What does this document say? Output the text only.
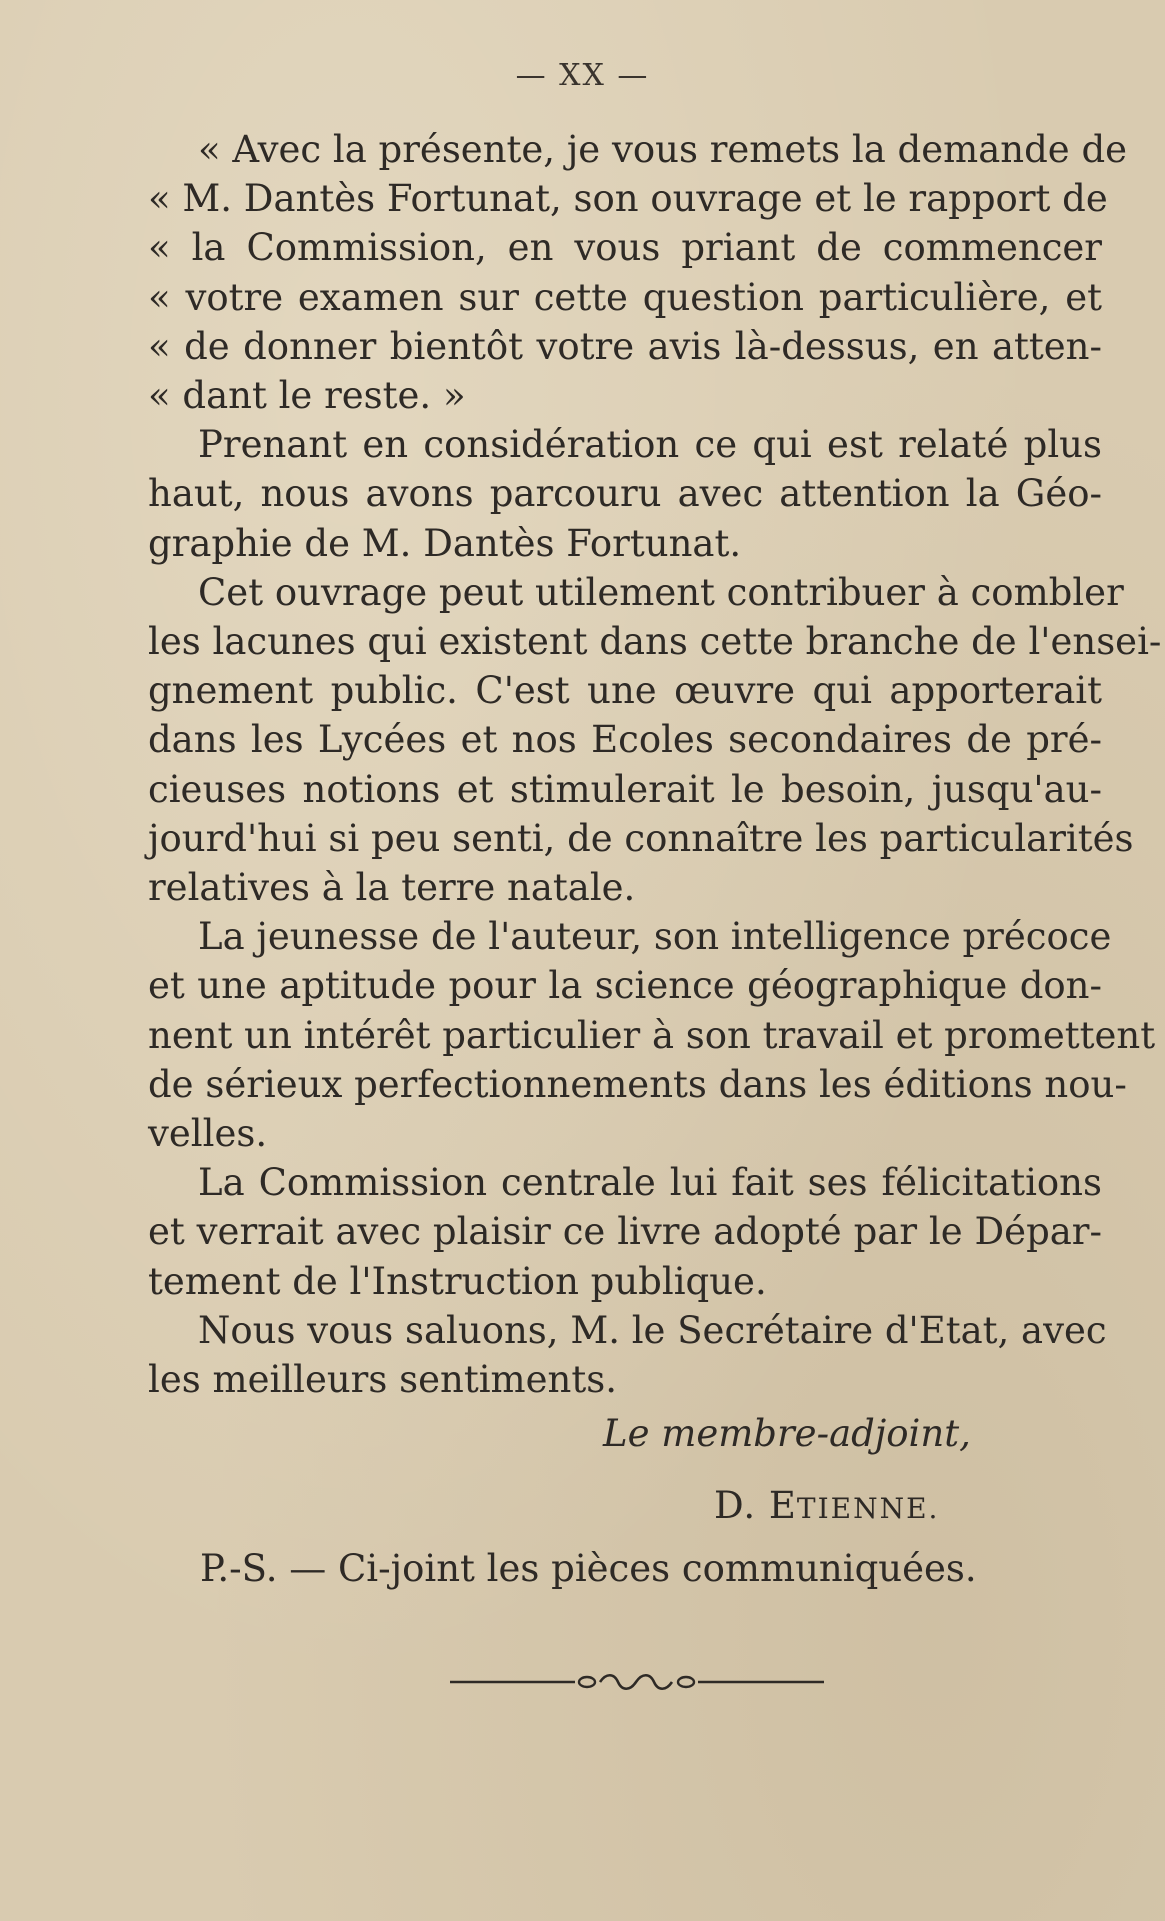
— XX —
« Avec la présente, je vous remets la demande de
« M. Dantès Fortunat, son ouvrage et le rapport de
« la Commission, en vous priant de commencer
« votre examen sur cette question particulière, et
« de donner bientôt votre avis là-dessus, en atten-
« dant le reste. »
Prenant en considération ce qui est relaté plus
haut, nous avons parcouru avec attention la Géo-
graphie de M. Dantès Fortunat.
Cet ouvrage peut utilement contribuer à combler
les lacunes qui existent dans cette branche de l'ensei-
gnement public. C'est une œuvre qui apporterait
dans les Lycées et nos Ecoles secondaires de pré-
cieuses notions et stimulerait le besoin, jusqu'au-
jourd'hui si peu senti, de connaître les particularités
relatives à la terre natale.
La jeunesse de l'auteur, son intelligence précoce
et une aptitude pour la science géographique don-
nent un intérêt particulier à son travail et promettent
de sérieux perfectionnements dans les éditions nou-
velles.
La Commission centrale lui fait ses félicitations
et verrait avec plaisir ce livre adopté par le Dépar-
tement de l'Instruction publique.
Nous vous saluons, M. le Secrétaire d'Etat, avec
les meilleurs sentiments.
Le membre-adjoint,
D. ETIENNE.
P.-S. — Ci-joint les pièces communiquées.
